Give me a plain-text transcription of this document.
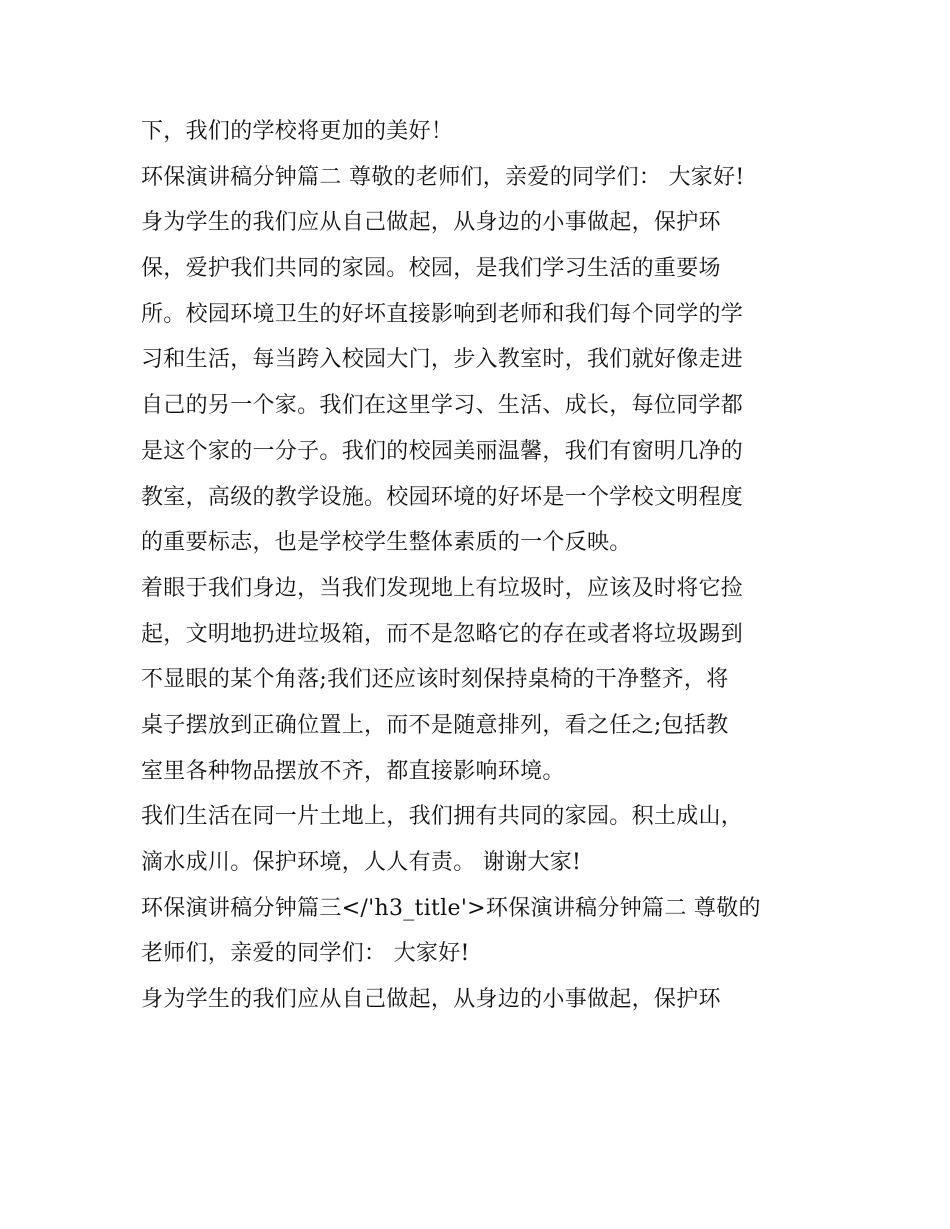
下，我们的学校将更加的美好！
环保演讲稿分钟篇二 尊敬的老师们，亲爱的同学们： 大家好!
身为学生的我们应从自己做起，从身边的小事做起，保护环
保，爱护我们共同的家园。校园，是我们学习生活的重要场
所。校园环境卫生的好坏直接影响到老师和我们每个同学的学
习和生活，每当跨入校园大门，步入教室时，我们就好像走进
自己的另一个家。我们在这里学习、生活、成长，每位同学都
是这个家的一分子。我们的校园美丽温馨，我们有窗明几净的
教室，高级的教学设施。校园环境的好坏是一个学校文明程度
的重要标志，也是学校学生整体素质的一个反映。
着眼于我们身边，当我们发现地上有垃圾时，应该及时将它捡
起，文明地扔进垃圾箱，而不是忽略它的存在或者将垃圾踢到
不显眼的某个角落;我们还应该时刻保持桌椅的干净整齐，将
桌子摆放到正确位置上，而不是随意排列，看之任之;包括教
室里各种物品摆放不齐，都直接影响环境。
我们生活在同一片土地上，我们拥有共同的家园。积土成山，
滴水成川。保护环境，人人有责。 谢谢大家!
环保演讲稿分钟篇三</'h3_title'>环保演讲稿分钟篇二 尊敬的
老师们，亲爱的同学们： 大家好!
身为学生的我们应从自己做起，从身边的小事做起，保护环
